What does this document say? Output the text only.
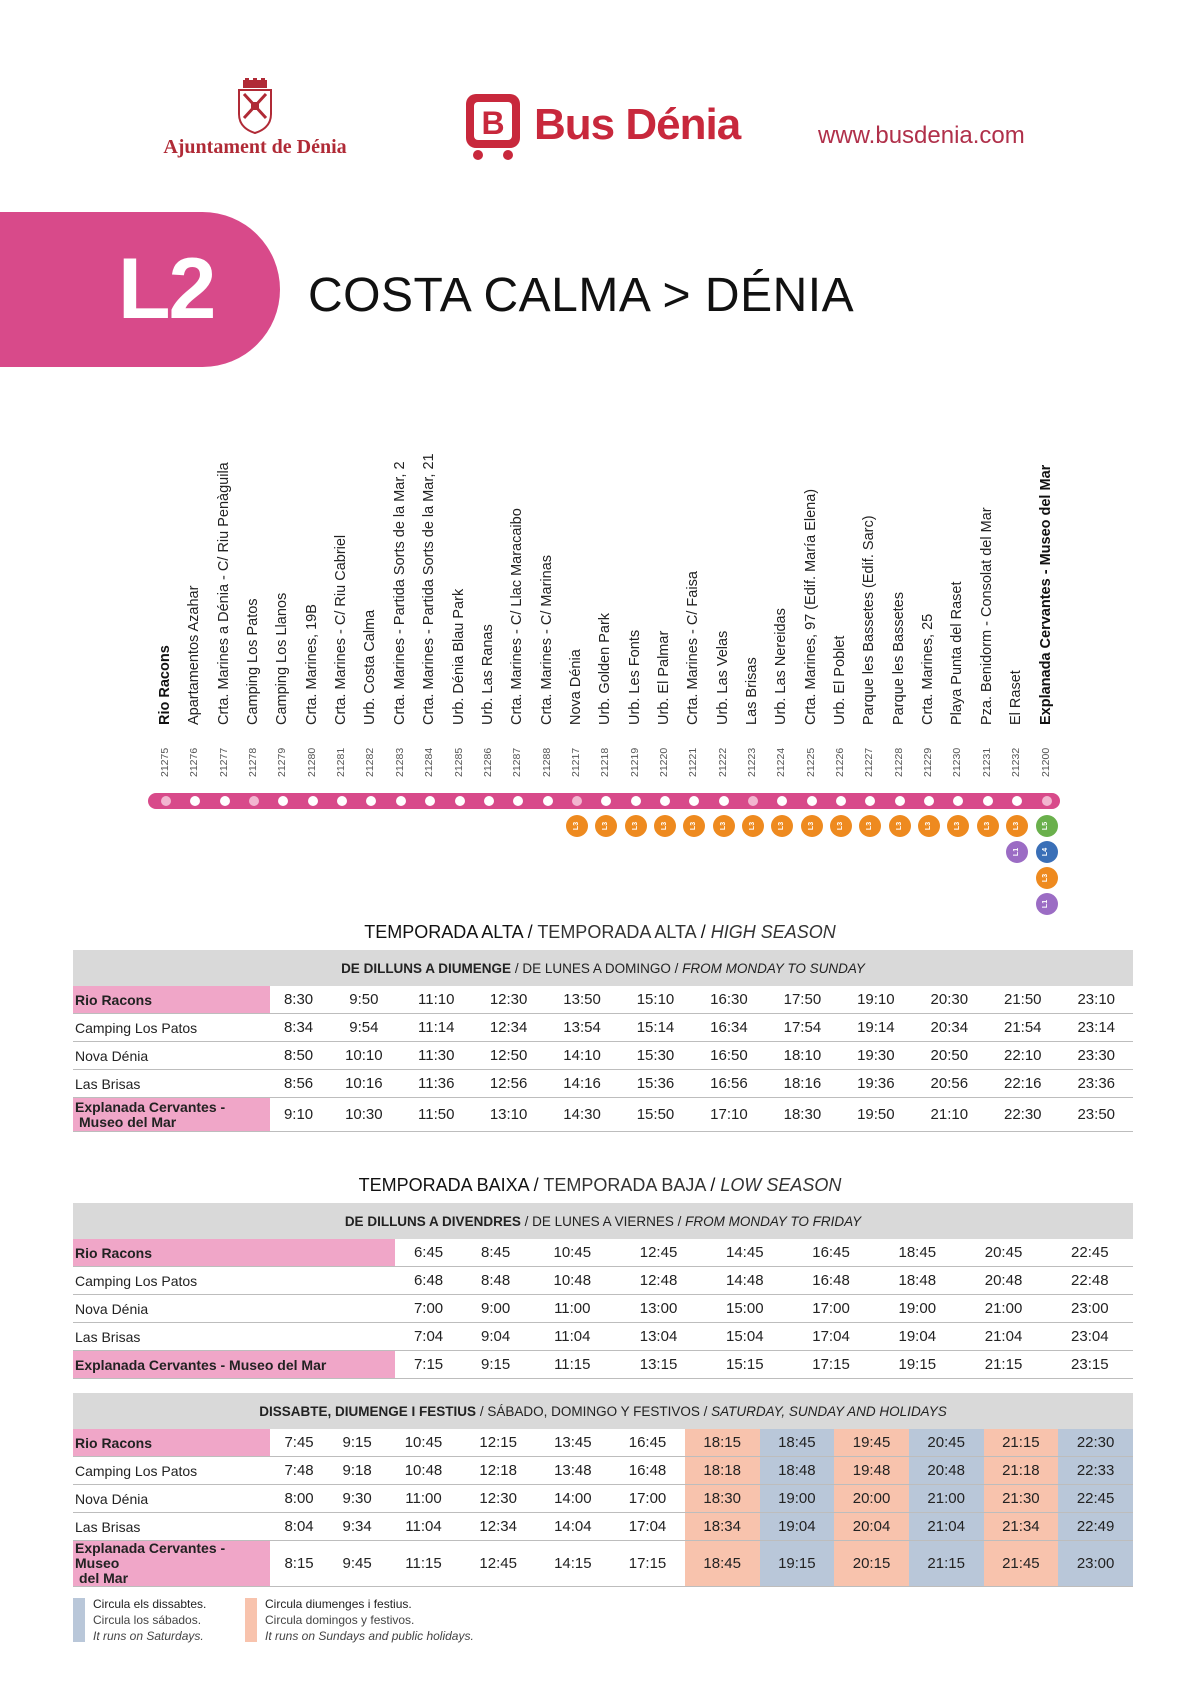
Ajuntament de Dénia
B Bus Dénia	www.busdenia.com
L2 COSTA CALMA > DÉNIA
Rio Racons
21275
Apartamentos Azahar
21276
Crta. Marines a Dénia - C/ Riu Penàguila
21277
Camping Los Patos
21278
Camping Los Llanos
21279
Crta. Marines, 19B
21280
Crta. Marines - C/ Riu Cabriel
21281
Urb. Costa Calma
21282
Crta. Marines - Partida Sorts de la Mar, 2
21283
Crta. Marines - Partida Sorts de la Mar, 21
21284
Urb. Dénia Blau Park
21285
Urb. Las Ranas
21286
Crta. Marines - C/ Llac Maracaibo
21287
Crta. Marines - C/ Marinas
21288
Nova Dénia
21217
Urb. Golden Park
21218
Urb. Les Fonts
21219
Urb. El Palmar
21220
Crta. Marines - C/ Faisa
21221
Urb. Las Velas
21222
Las Brisas
21223
Urb. Las Nereidas
21224
Crta. Marines, 97 (Edif. María Elena)
21225
Urb. El Poblet
21226
Parque les Bassetes (Edif. Sarc)
21227
Parque les Bassetes
21228
Crta. Marines, 25
21229
Playa Punta del Raset
21230
Pza. Benidorm - Consolat del Mar
21231
El Raset
21232
Explanada Cervantes - Museo del Mar
21200
L3	L3	L3	L3	L3	L3	L3	L3	L3	L3	L3	L3	L3	L3	L3	L3
L1
L5
L4
L3
L1
TEMPORADA ALTA / TEMPORADA ALTA / HIGH SEASON
DE DILLUNS A DIUMENGE / DE LUNES A DOMINGO / FROM MONDAY TO SUNDAY												
Rio Racons	8:30	9:50	11:10	12:30	13:50	15:10	16:30	17:50	19:10	20:30	21:50	23:10
Camping Los Patos	8:34	9:54	11:14	12:34	13:54	15:14	16:34	17:54	19:14	20:34	21:54	23:14
Nova Dénia	8:50	10:10	11:30	12:50	14:10	15:30	16:50	18:10	19:30	20:50	22:10	23:30
Las Brisas	8:56	10:16	11:36	12:56	14:16	15:36	16:56	18:16	19:36	20:56	22:16	23:36
Explanada Cervantes -
Museo del Mar	9:10	10:30	11:50	13:10	14:30	15:50	17:10	18:30	19:50	21:10	22:30	23:50
TEMPORADA BAIXA / TEMPORADA BAJA / LOW SEASON
DE DILLUNS A DIVENDRES / DE LUNES A VIERNES / FROM MONDAY TO FRIDAY									
Rio Racons	6:45	8:45	10:45	12:45	14:45	16:45	18:45	20:45	22:45
Camping Los Patos	6:48	8:48	10:48	12:48	14:48	16:48	18:48	20:48	22:48
Nova Dénia	7:00	9:00	11:00	13:00	15:00	17:00	19:00	21:00	23:00
Las Brisas	7:04	9:04	11:04	13:04	15:04	17:04	19:04	21:04	23:04
Explanada Cervantes - Museo del Mar	7:15	9:15	11:15	13:15	15:15	17:15	19:15	21:15	23:15
DISSABTE, DIUMENGE I FESTIUS / SÁBADO, DOMINGO Y FESTIVOS / SATURDAY, SUNDAY AND HOLIDAYS												
Rio Racons	7:45	9:15	10:45	12:15	13:45	16:45	18:15	18:45	19:45	20:45	21:15	22:30
Camping Los Patos	7:48	9:18	10:48	12:18	13:48	16:48	18:18	18:48	19:48	20:48	21:18	22:33
Nova Dénia	8:00	9:30	11:00	12:30	14:00	17:00	18:30	19:00	20:00	21:00	21:30	22:45
Las Brisas	8:04	9:34	11:04	12:34	14:04	17:04	18:34	19:04	20:04	21:04	21:34	22:49
Explanada Cervantes - Museo
del Mar	8:15	9:45	11:15	12:45	14:15	17:15	18:45	19:15	20:15	21:15	21:45	23:00
Circula els dissabtes.
Circula los sábados.
It runs on Saturdays.
Circula diumenges i festius.
Circula domingos y festivos.
It runs on Sundays and public holidays.
